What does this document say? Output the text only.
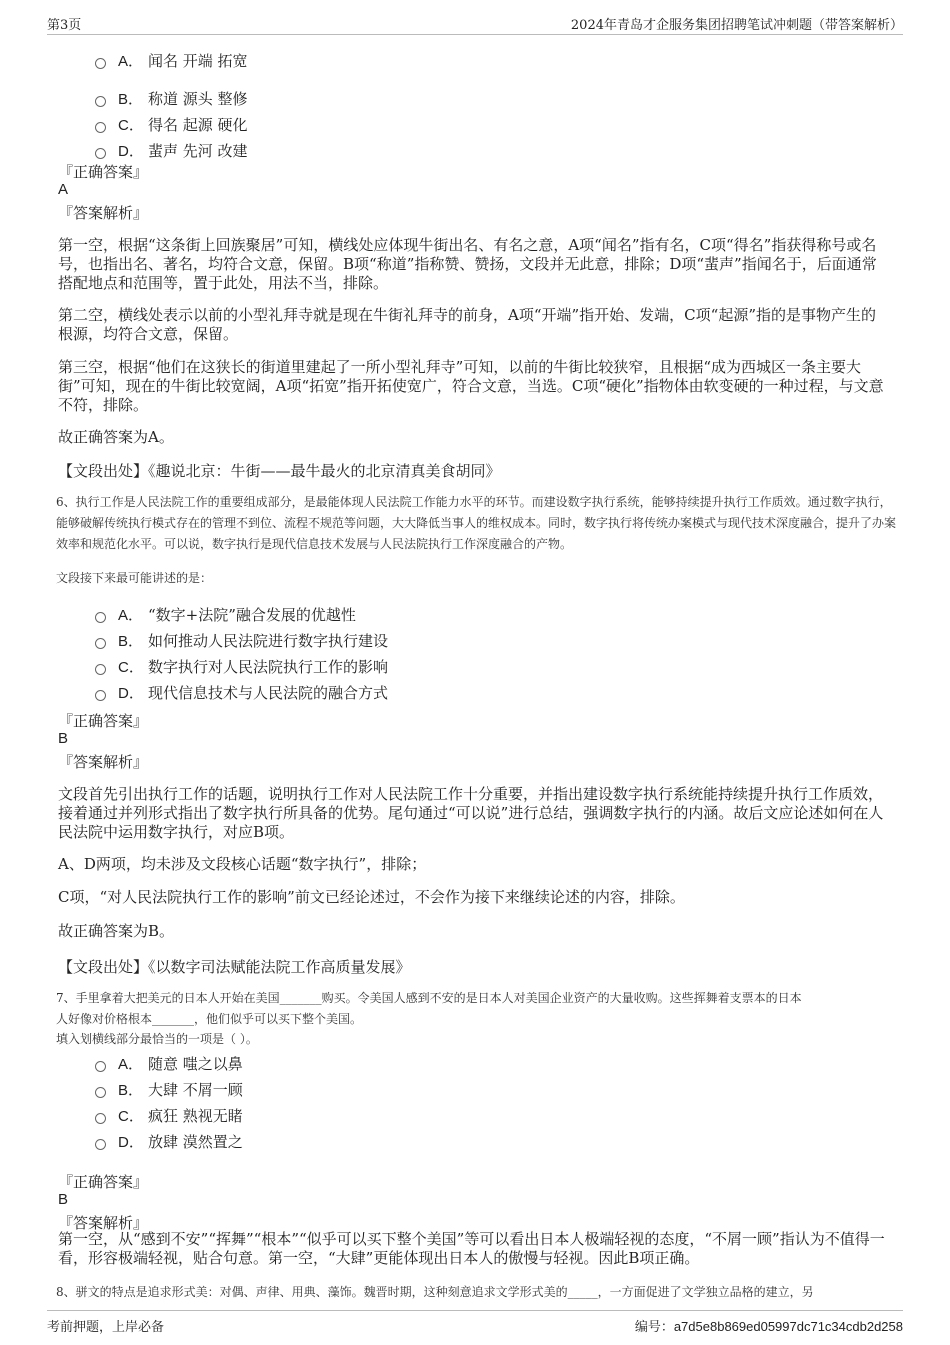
第3页	2024年青岛才企服务集团招聘笔试冲刺题（带答案解析）
A． 闻名 开端 拓宽
B． 称道 源头 整修
C． 得名 起源 硬化
D． 蜚声 先河 改建
『正确答案』
A
『答案解析』
第一空，根据“这条街上回族聚居”可知，横线处应体现牛街出名、有名之意，A项“闻名”指有名，C项“得名”指获得称号或名号，也指出名、著名，均符合文意，保留。B项“称道”指称赞、赞扬，文段并无此意，排除；D项“蜚声”指闻名于，后面通常搭配地点和范围等，置于此处，用法不当，排除。
第二空，横线处表示以前的小型礼拜寺就是现在牛街礼拜寺的前身，A项“开端”指开始、发端，C项“起源”指的是事物产生的根源，均符合文意，保留。
第三空，根据“他们在这狭长的街道里建起了一所小型礼拜寺”可知，以前的牛街比较狭窄，且根据“成为西城区一条主要大街”可知，现在的牛街比较宽阔，A项“拓宽”指开拓使宽广，符合文意，当选。C项“硬化”指物体由软变硬的一种过程，与文意不符，排除。
故正确答案为A。
【文段出处】《趣说北京：牛街——最牛最火的北京清真美食胡同》
6、执行工作是人民法院工作的重要组成部分，是最能体现人民法院工作能力水平的环节。而建设数字执行系统，能够持续提升执行工作质效。通过数字执行，能够破解传统执行模式存在的管理不到位、流程不规范等问题，大大降低当事人的维权成本。同时，数字执行将传统办案模式与现代技术深度融合，提升了办案效率和规范化水平。可以说，数字执行是现代信息技术发展与人民法院执行工作深度融合的产物。
文段接下来最可能讲述的是：
A． “数字+法院”融合发展的优越性
B． 如何推动人民法院进行数字执行建设
C． 数字执行对人民法院执行工作的影响
D． 现代信息技术与人民法院的融合方式
『正确答案』
B
『答案解析』
文段首先引出执行工作的话题，说明执行工作对人民法院工作十分重要，并指出建设数字执行系统能持续提升执行工作质效，接着通过并列形式指出了数字执行所具备的优势。尾句通过“可以说”进行总结，强调数字执行的内涵。故后文应论述如何在人民法院中运用数字执行，对应B项。
A、D两项，均未涉及文段核心话题“数字执行”，排除；
C项，“对人民法院执行工作的影响”前文已经论述过，不会作为接下来继续论述的内容，排除。
故正确答案为B。
【文段出处】《以数字司法赋能法院工作高质量发展》
7、手里拿着大把美元的日本人开始在美国_______购买。令美国人感到不安的是日本人对美国企业资产的大量收购。这些挥舞着支票本的日本
人好像对价格根本_______，他们似乎可以买下整个美国。
填入划横线部分最恰当的一项是（ ）。
A． 随意 嗤之以鼻
B． 大肆 不屑一顾
C． 疯狂 熟视无睹
D． 放肆 漠然置之
『正确答案』
B
『答案解析』
第一空，从“感到不安”“挥舞”“根本”“似乎可以买下整个美国”等可以看出日本人极端轻视的态度，“不屑一顾”指认为不值得一看，形容极端轻视，贴合句意。第一空，“大肆”更能体现出日本人的傲慢与轻视。因此B项正确。
8、骈文的特点是追求形式美：对偶、声律、用典、藻饰。魏晋时期，这种刻意追求文学形式美的_____，一方面促进了文学独立品格的建立，另
考前押题，上岸必备	编号：a7d5e8b869ed05997dc71c34cdb2d258
